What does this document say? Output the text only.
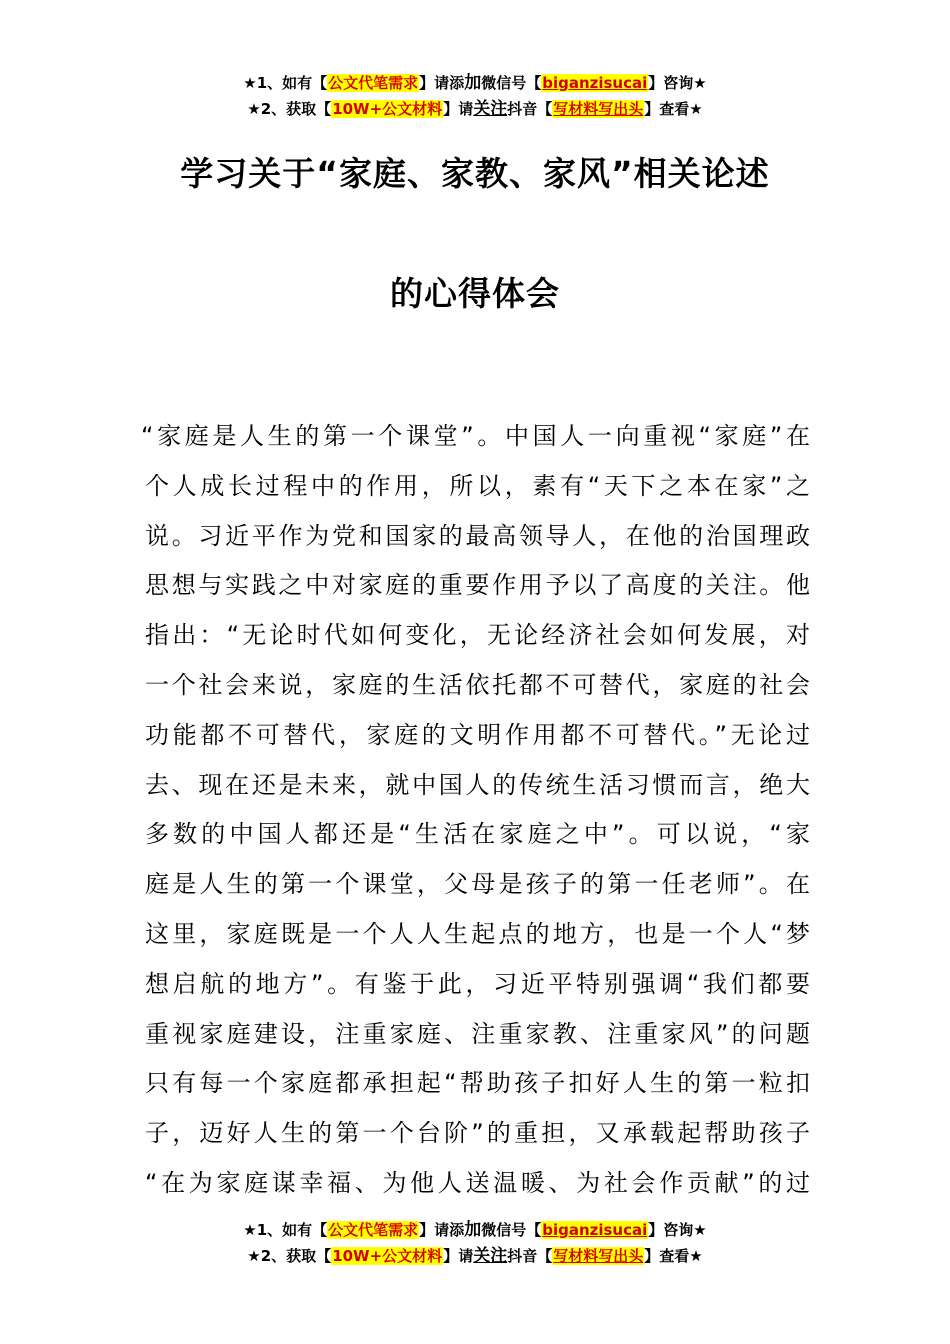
★1、如有【公文代笔需求】请添加微信号【biganzisucai】咨询★
★2、获取【10W+公文材料】请关注抖音【写材料写出头】查看★
学习关于“家庭、家教、家风”相关论述
的心得体会
“家庭是人生的第一个课堂”。中国人一向重视“家庭”在
个人成长过程中的作用，所以，素有“天下之本在家”之
说。习近平作为党和国家的最高领导人，在他的治国理政
思想与实践之中对家庭的重要作用予以了高度的关注。他
指出：“无论时代如何变化，无论经济社会如何发展，对
一个社会来说，家庭的生活依托都不可替代，家庭的社会
功能都不可替代，家庭的文明作用都不可替代。”无论过
去、现在还是未来，就中国人的传统生活习惯而言，绝大
多数的中国人都还是“生活在家庭之中”。可以说，“家
庭是人生的第一个课堂，父母是孩子的第一任老师”。在
这里，家庭既是一个人人生起点的地方，也是一个人“梦
想启航的地方”。有鉴于此，习近平特别强调“我们都要
重视家庭建设，注重家庭、注重家教、注重家风”的问题
只有每一个家庭都承担起“帮助孩子扣好人生的第一粒扣
子，迈好人生的第一个台阶”的重担，又承载起帮助孩子
“在为家庭谋幸福、为他人送温暖、为社会作贡献”的过
★1、如有【公文代笔需求】请添加微信号【biganzisucai】咨询★
★2、获取【10W+公文材料】请关注抖音【写材料写出头】查看★
